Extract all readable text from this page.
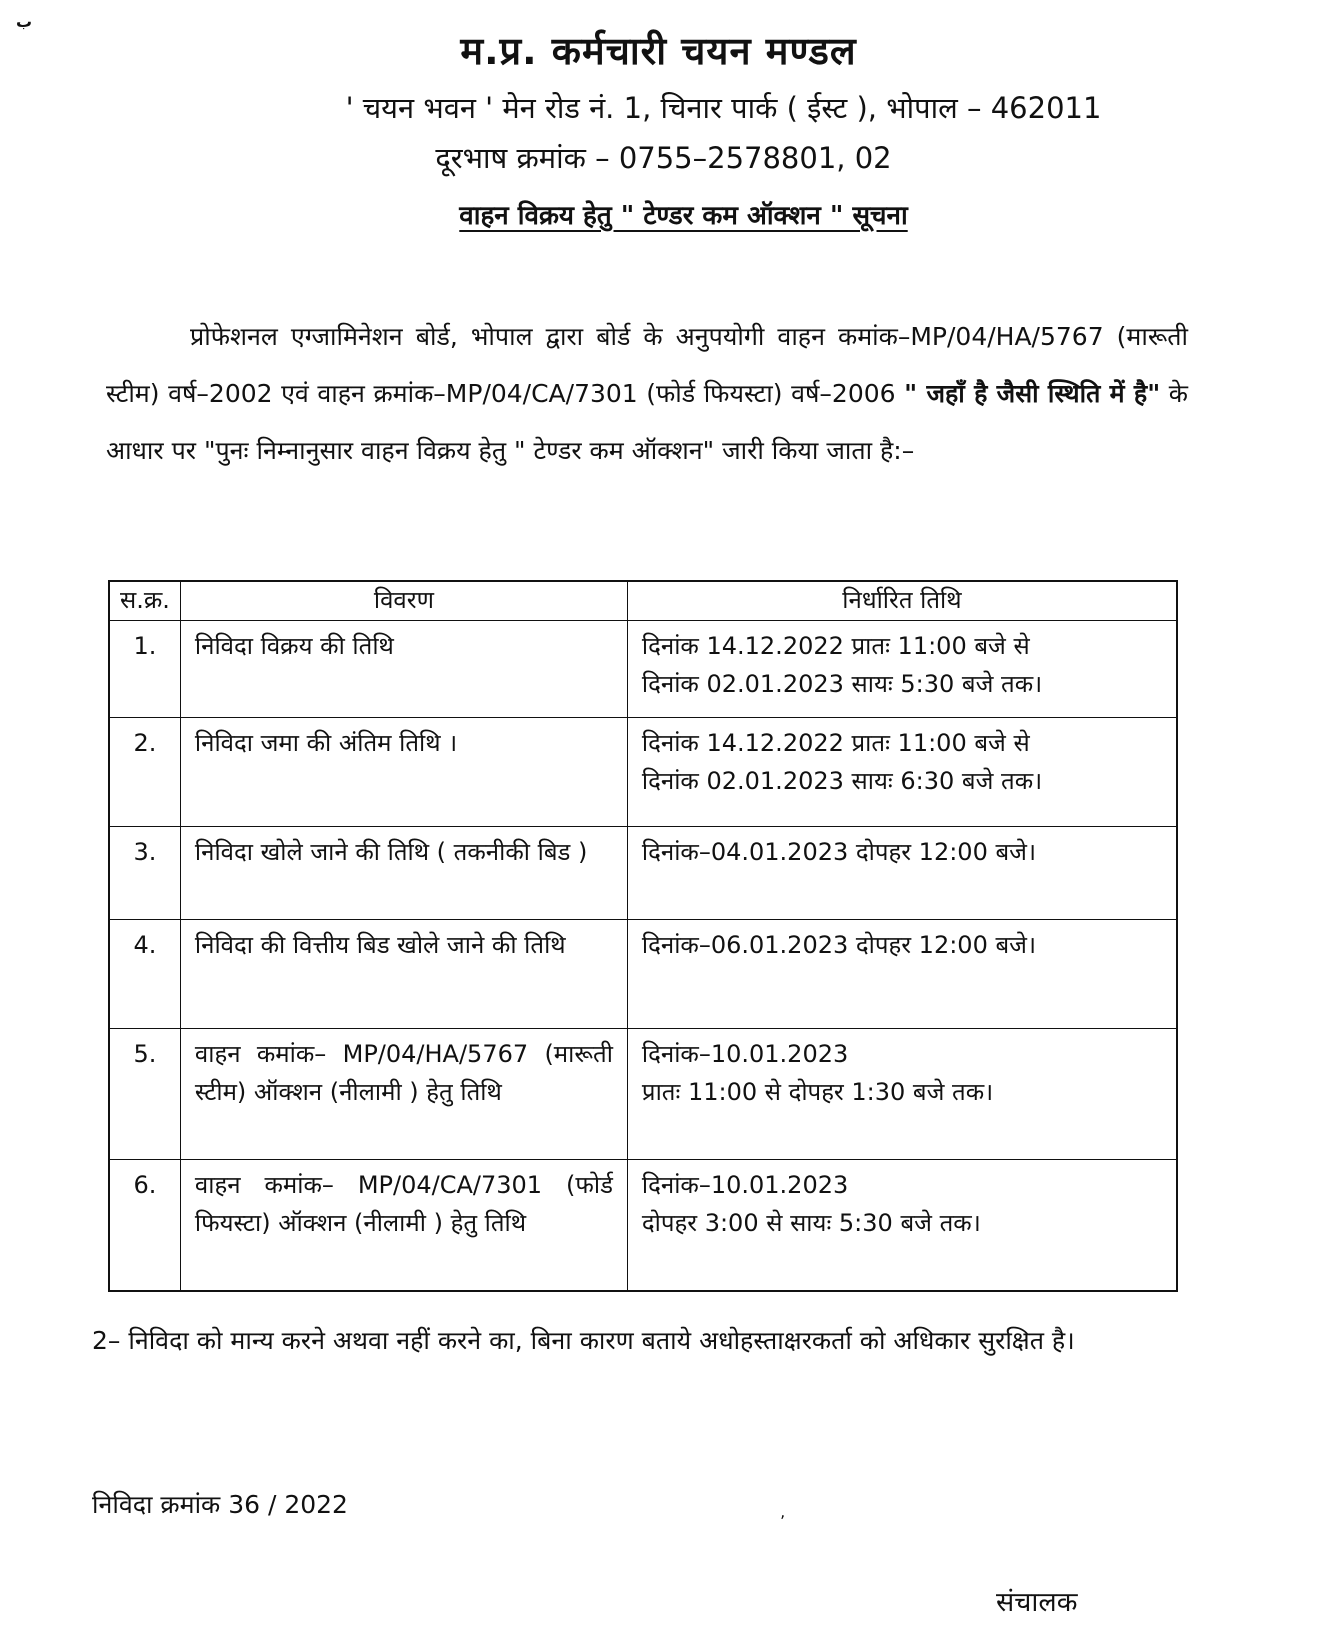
ب
म.प्र. कर्मचारी चयन मण्डल
' चयन भवन ' मेन रोड नं. 1, चिनार पार्क ( ईस्ट ), भोपाल – 462011
दूरभाष क्रमांक – 0755–2578801, 02
वाहन विक्रय हेतु " टेण्डर कम ऑक्शन " सूचना
प्रोफेशनल एग्जामिनेशन बोर्ड, भोपाल द्वारा बोर्ड के अनुपयोगी वाहन कमांक–MP/04/HA/5767 (मारूती स्टीम) वर्ष–2002 एवं वाहन क्रमांक–MP/04/CA/7301 (फोर्ड फियस्टा) वर्ष–2006 " जहाँ है जैसी स्थिति में है" के आधार पर "पुनः निम्नानुसार वाहन विक्रय हेतु " टेण्डर कम ऑक्शन" जारी किया जाता है:–
स.क्र.	विवरण	निर्धारित तिथि
1.	निविदा विक्रय की तिथि	दिनांक 14.12.2022 प्रातः 11:00 बजे से
दिनांक 02.01.2023 सायः 5:30 बजे तक।

2.	निविदा जमा की अंतिम तिथि ।	दिनांक 14.12.2022 प्रातः 11:00 बजे से
दिनांक 02.01.2023 सायः 6:30 बजे तक।

3.	निविदा खोले जाने की तिथि ( तकनीकी बिड )	दिनांक–04.01.2023 दोपहर 12:00 बजे।

4.	निविदा की वित्तीय बिड खोले जाने की तिथि	दिनांक–06.01.2023 दोपहर 12:00 बजे।

5.	वाहन कमांक– MP/04/HA/5767 (मारूती स्टीम) ऑक्शन (नीलामी ) हेतु तिथि	दिनांक–10.01.2023
प्रातः 11:00 से दोपहर 1:30 बजे तक।

6.	वाहन कमांक– MP/04/CA/7301 (फोर्ड फियस्टा) ऑक्शन (नीलामी ) हेतु तिथि	दिनांक–10.01.2023
दोपहर 3:00 से सायः 5:30 बजे तक।
2– निविदा को मान्य करने अथवा नहीं करने का, बिना कारण बताये अधोहस्ताक्षरकर्ता को अधिकार सुरक्षित है।
निविदा क्रमांक 36 / 2022
ʼ
संचालक
